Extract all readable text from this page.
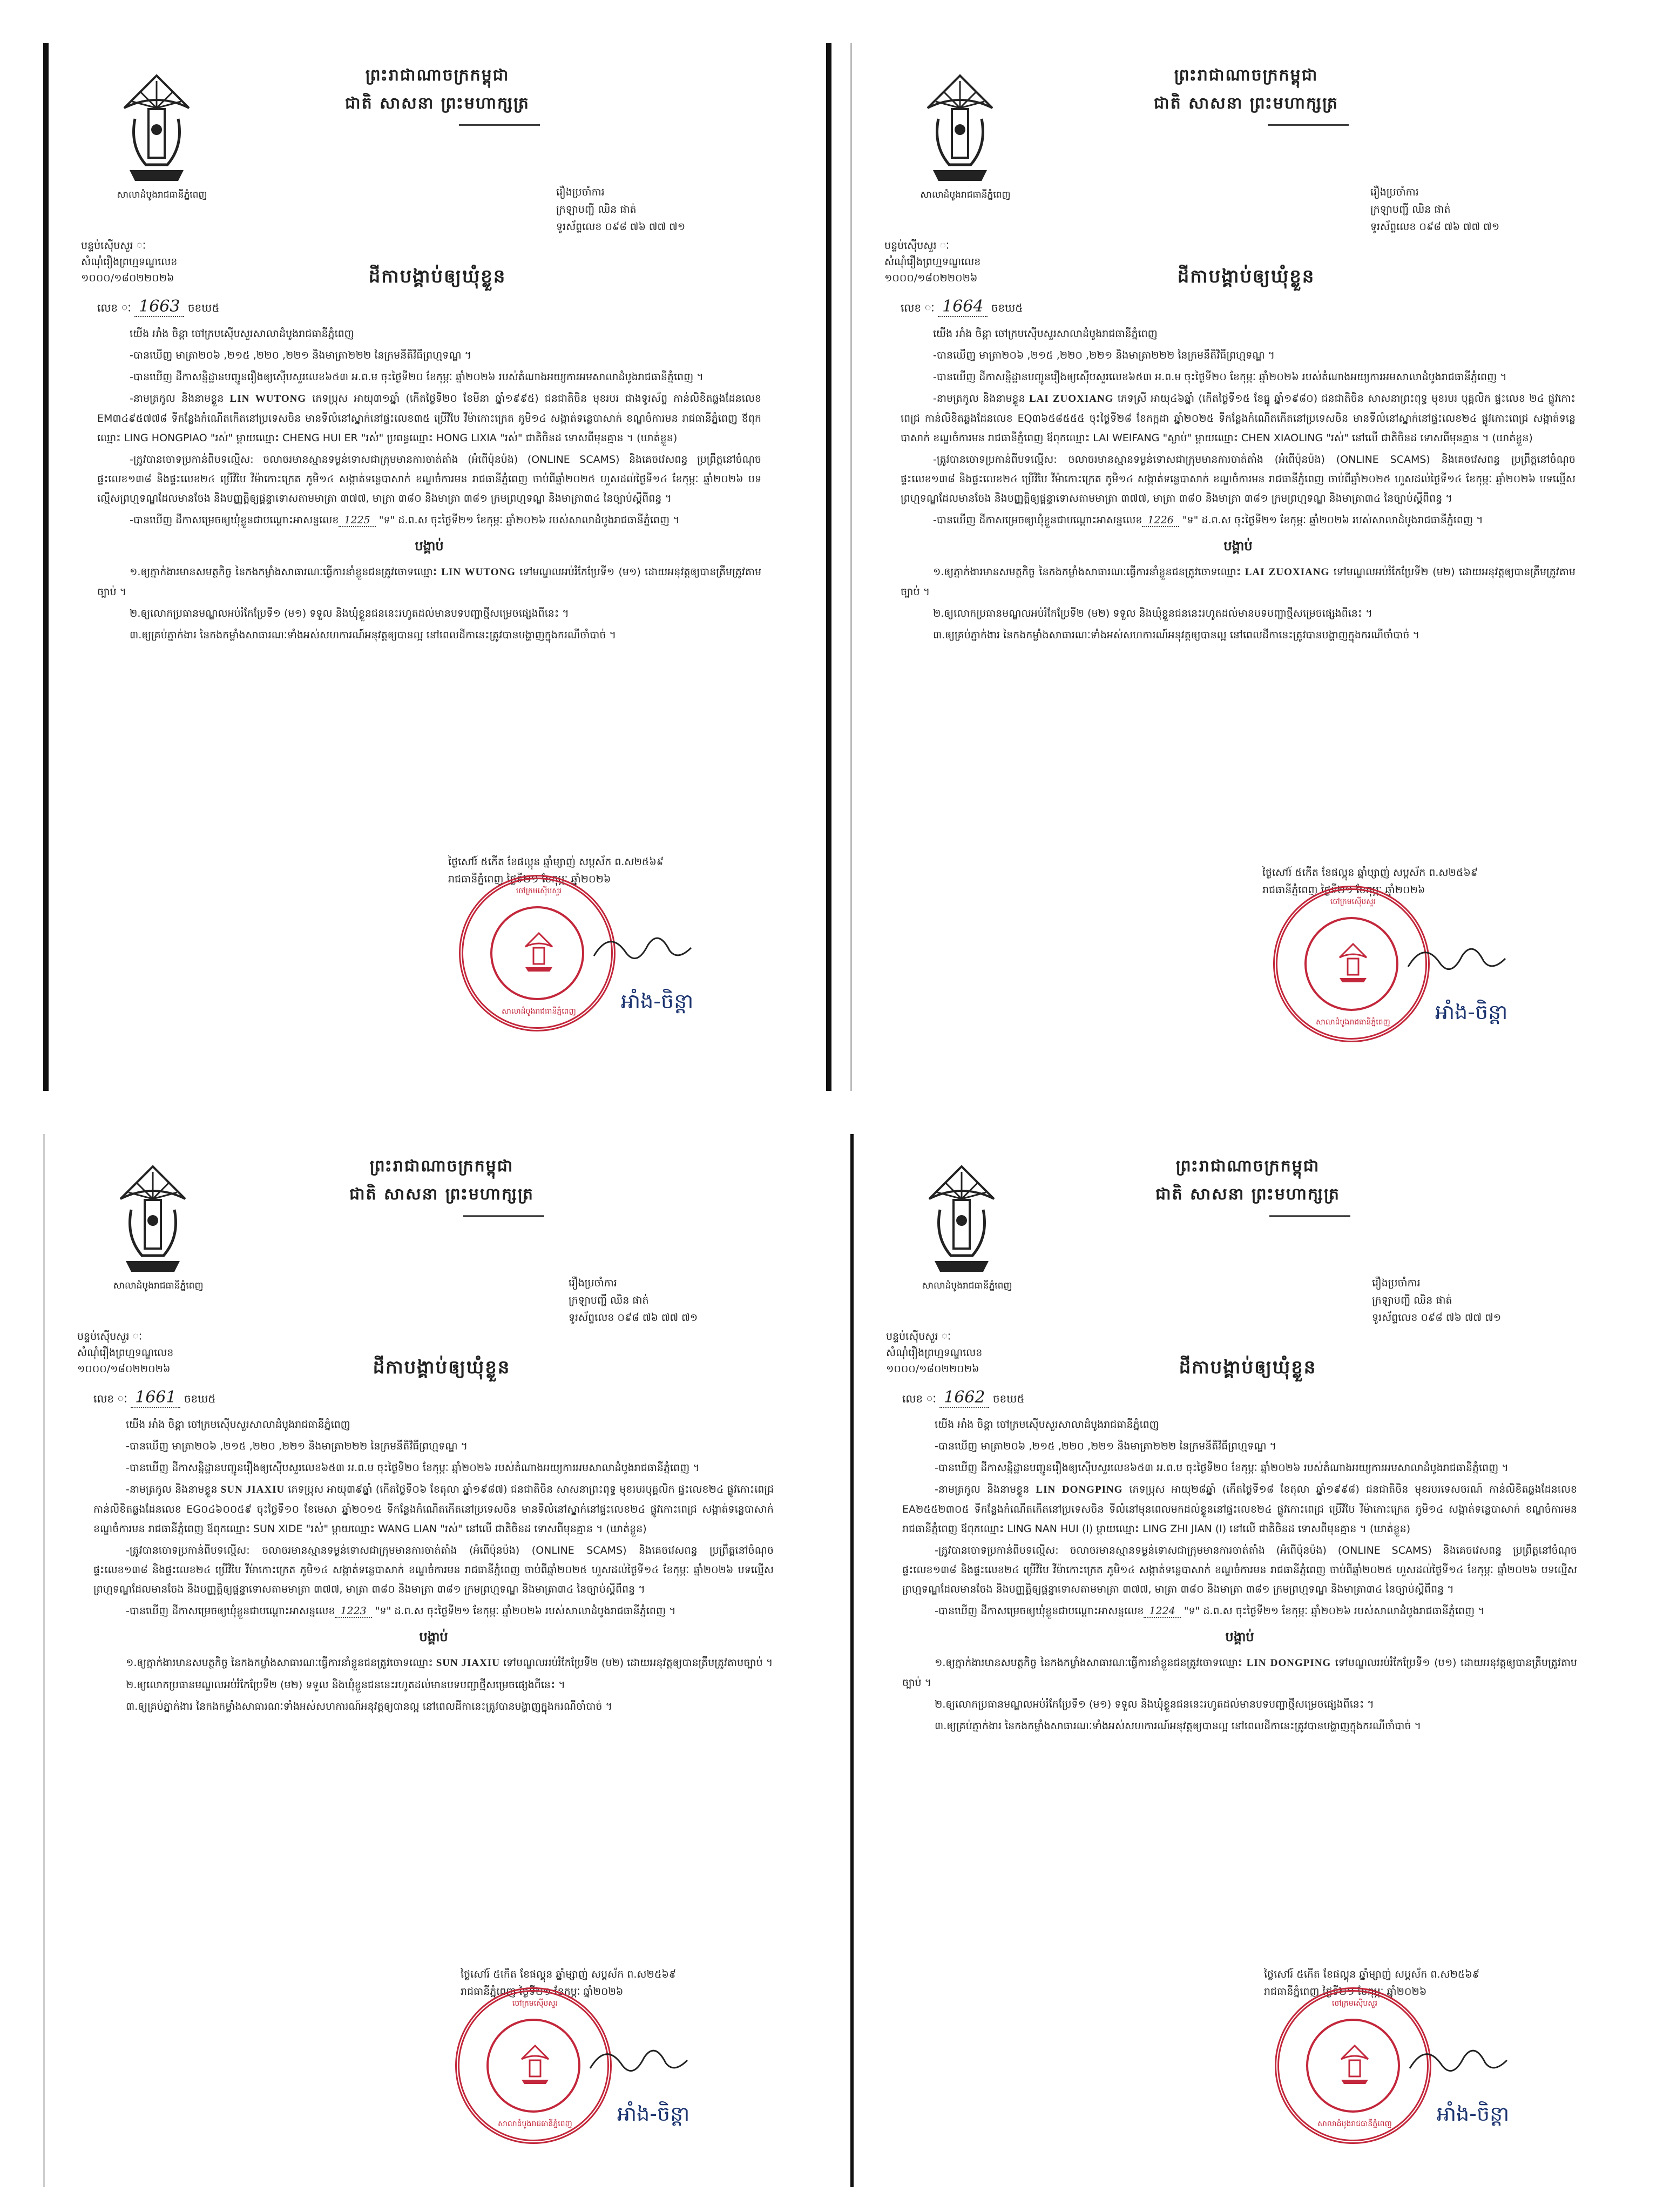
ព្រះរាជាណាចក្រកម្ពុជា
ជាតិ សាសនា ព្រះមហាក្សត្រ
សាលាដំបូងរាជធានីភ្នំពេញ
បន្ទប់ស៊ើបសួរ ៈ
សំណុំរឿងព្រហ្មទណ្ឌលេខ
១០០០/១៨០២២០២៦
លេខ ៈ 1663 ចខឃ៥
រឿងប្រចាំការ
ក្រឡាបញ្ជី ឈិន ផាត់
ទូរស័ព្ទលេខ ០៩៨ ៧៦ ៧៧ ៧១
ដីកាបង្គាប់ឲ្យឃុំខ្លួន

យើង អាំង ចិន្ដា ចៅក្រមស៊ើបសួរសាលាដំបូងរាជធានីភ្នំពេញ

-បានឃើញ មាត្រា២០៦ ,២១៥ ,២២០ ,២២១ និងមាត្រា២២២ នៃក្រមនីតិវិធីព្រហ្មទណ្ឌ ។

-បានឃើញ ដីកាសន្និដ្ឋានបញ្ជូនរឿងឲ្យស៊ើបសួរលេខ៦៥៣ អ.ព.ម ចុះថ្ងៃទី២០ ខែកុម្ភៈ ឆ្នាំ២០២៦ របស់តំណាងអយ្យការអមសាលាដំបូងរាជធានីភ្នំពេញ ។

-នាមត្រកូល និងនាមខ្លួន LIN WUTONG ភេទប្រុស អាយុ៣១ឆ្នាំ (កើតថ្ងៃទី២០ ខែមីនា ឆ្នាំ១៩៩៥) ជនជាតិចិន មុខរបរ ជាងទូរស័ព្ទ កាន់លិខិតឆ្លងដែនលេខ EM៣៤៩៥៧៧៨ ទីកន្លែងកំណើតកើតនៅប្រទេសចិន មានទីលំនៅស្នាក់នៅផ្ទះលេខ៣៥ ប្រេីវិបៃ វីម៉ាកោះក្រេត ភូមិ១៤ សង្កាត់ទន្លេបាសាក់ ខណ្ឌចំការមន រាជធានីភ្នំពេញ ឪពុកឈ្មោះ LING HONGPIAO "រស់" ម្ដាយឈ្មោះ CHENG HUI ER "រស់" ប្រពន្ធឈ្មោះ HONG LIXIA "រស់" ជាតិចិនដ ទោសពីមុនគ្មាន ។ (ឃាត់ខ្លួន)

-ត្រូវបានចោទប្រកាន់ពីបទល្មើស: ចលាចរមានស្មានទម្ងន់ទោសជាក្រុមមានការចាត់តាំង (អំពើប៉ុនប៉ង) (ONLINE SCAMS) និងគេចវេសពន្ធ ប្រព្រឹត្តនៅចំណុចផ្ទះលេខ១៣៨ និងផ្ទះលេខ២៤ ប្រេីវិបៃ វីម៉ាកោះក្រេត ភូមិ១៤ សង្កាត់ទន្លេបាសាក់ ខណ្ឌចំការមន រាជធានីភ្នំពេញ ចាប់ពីឆ្នាំ២០២៥ ហួសដល់ថ្ងៃទី១៤ ខែកុម្ភៈ ឆ្នាំ២០២៦ បទល្មើសព្រហ្មទណ្ឌដែលមានចែង និងបញ្ញត្តិឲ្យផ្ដន្ទាទោសតាមមាត្រា ៣៧៧, មាត្រា ៣៨០ និងមាត្រា ៣៨១ ក្រមព្រហ្មទណ្ឌ និងមាត្រា៣៤ នៃច្បាប់ស្ដីពីពន្ធ ។

-បានឃើញ ដីកាសម្រេចឲ្យឃុំខ្លួនជាបណ្ដោះអាសន្នលេខ 1225 "ទ" ដ.ព.ស ចុះថ្ងៃទី២១ ខែកុម្ភៈ ឆ្នាំ២០២៦ របស់សាលាដំបូងរាជធានីភ្នំពេញ ។

បង្គាប់

១.ឲ្យភ្នាក់ងារមានសមត្ថកិច្ច នៃកងកម្លាំងសាធារណៈធ្វើការនាំខ្លួនជនត្រូវចោទឈ្មោះ LIN WUTONG ទៅមណ្ឌលអប់រំកែប្រែទី១ (ម១) ដោយអនុវត្តឲ្យបានត្រឹមត្រូវតាមច្បាប់ ។

២.ឲ្យលោកប្រធានមណ្ឌលអប់រំកែប្រែទី១ (ម១) ទទួល និងឃុំខ្លួនជននេះរហូតដល់មានបទបញ្ជាថ្មីសម្រេចផ្សេងពីនេះ ។

៣.ឲ្យគ្រប់ភ្នាក់ងារ នៃកងកម្លាំងសាធារណៈទាំងអស់សហការណ៍អនុវត្តឲ្យបានល្អ នៅពេលដីកានេះត្រូវបានបង្ហាញក្នុងករណីចាំបាច់ ។

ថ្ងៃសៅរ៍ ៥កើត ខែផល្គុន ឆ្នាំម្សាញ់ សប្ដស័ក ព.ស២៥៦៩
រាជធានីភ្នំពេញ ថ្ងៃទី២១ ខែកុម្ភៈ ឆ្នាំ២០២៦
ចៅក្រមស៊ើបសួរ
សាលាដំបូងរាជធានីភ្នំពេញ	អាំង-ចិន្ដា
ព្រះរាជាណាចក្រកម្ពុជា
ជាតិ សាសនា ព្រះមហាក្សត្រ
សាលាដំបូងរាជធានីភ្នំពេញ
បន្ទប់ស៊ើបសួរ ៈ
សំណុំរឿងព្រហ្មទណ្ឌលេខ
១០០០/១៨០២២០២៦
លេខ ៈ 1664 ចខឃ៥
រឿងប្រចាំការ
ក្រឡាបញ្ជី ឈិន ផាត់
ទូរស័ព្ទលេខ ០៩៨ ៧៦ ៧៧ ៧១
ដីកាបង្គាប់ឲ្យឃុំខ្លួន

យើង អាំង ចិន្ដា ចៅក្រមស៊ើបសួរសាលាដំបូងរាជធានីភ្នំពេញ

-បានឃើញ មាត្រា២០៦ ,២១៥ ,២២០ ,២២១ និងមាត្រា២២២ នៃក្រមនីតិវិធីព្រហ្មទណ្ឌ ។

-បានឃើញ ដីកាសន្និដ្ឋានបញ្ជូនរឿងឲ្យស៊ើបសួរលេខ៦៥៣ អ.ព.ម ចុះថ្ងៃទី២០ ខែកុម្ភៈ ឆ្នាំ២០២៦ របស់តំណាងអយ្យការអមសាលាដំបូងរាជធានីភ្នំពេញ ។

-នាមត្រកូល និងនាមខ្លួន LAI ZUOXIANG ភេទស្រី អាយុ៤៦ឆ្នាំ (កើតថ្ងៃទី១៥ ខែធ្នូ ឆ្នាំ១៩៨០) ជនជាតិចិន សាសនាព្រះពុទ្ធ មុខរបរ បុគ្គលិក ផ្ទះលេខ ២៤ ផ្លូវកោះពេជ្រ កាន់លិខិតឆ្លងដែនលេខ EQ៣៦៥៨៥៥៥ ចុះថ្ងៃទី២៨ ខែកក្កដា ឆ្នាំ២០២៥ ទីកន្លែងកំណើតកើតនៅប្រទេសចិន មានទីលំនៅស្នាក់នៅផ្ទះលេខ២៤ ផ្លូវកោះពេជ្រ សង្កាត់ទន្លេបាសាក់ ខណ្ឌចំការមន រាជធានីភ្នំពេញ ឪពុកឈ្មោះ LAI WEIFANG "ស្លាប់" ម្ដាយឈ្មោះ CHEN XIAOLING "រស់" នៅលើ ជាតិចិនដ ទោសពីមុនគ្មាន ។ (ឃាត់ខ្លួន)

-ត្រូវបានចោទប្រកាន់ពីបទល្មើស: ចលាចរមានស្មានទម្ងន់ទោសជាក្រុមមានការចាត់តាំង (អំពើប៉ុនប៉ង) (ONLINE SCAMS) និងគេចវេសពន្ធ ប្រព្រឹត្តនៅចំណុចផ្ទះលេខ១៣៨ និងផ្ទះលេខ២៤ ប្រេីវិបៃ វីម៉ាកោះក្រេត ភូមិ១៤ សង្កាត់ទន្លេបាសាក់ ខណ្ឌចំការមន រាជធានីភ្នំពេញ ចាប់ពីឆ្នាំ២០២៥ ហួសដល់ថ្ងៃទី១៤ ខែកុម្ភៈ ឆ្នាំ២០២៦ បទល្មើសព្រហ្មទណ្ឌដែលមានចែង និងបញ្ញត្តិឲ្យផ្ដន្ទាទោសតាមមាត្រា ៣៧៧, មាត្រា ៣៨០ និងមាត្រា ៣៨១ ក្រមព្រហ្មទណ្ឌ និងមាត្រា៣៤ នៃច្បាប់ស្ដីពីពន្ធ ។

-បានឃើញ ដីកាសម្រេចឲ្យឃុំខ្លួនជាបណ្ដោះអាសន្នលេខ 1226 "ទ" ដ.ព.ស ចុះថ្ងៃទី២១ ខែកុម្ភៈ ឆ្នាំ២០២៦ របស់សាលាដំបូងរាជធានីភ្នំពេញ ។

បង្គាប់

១.ឲ្យភ្នាក់ងារមានសមត្ថកិច្ច នៃកងកម្លាំងសាធារណៈធ្វើការនាំខ្លួនជនត្រូវចោទឈ្មោះ LAI ZUOXIANG ទៅមណ្ឌលអប់រំកែប្រែទី២ (ម២) ដោយអនុវត្តឲ្យបានត្រឹមត្រូវតាមច្បាប់ ។

២.ឲ្យលោកប្រធានមណ្ឌលអប់រំកែប្រែទី២ (ម២) ទទួល និងឃុំខ្លួនជននេះរហូតដល់មានបទបញ្ជាថ្មីសម្រេចផ្សេងពីនេះ ។

៣.ឲ្យគ្រប់ភ្នាក់ងារ នៃកងកម្លាំងសាធារណៈទាំងអស់សហការណ៍អនុវត្តឲ្យបានល្អ នៅពេលដីកានេះត្រូវបានបង្ហាញក្នុងករណីចាំបាច់ ។

ថ្ងៃសៅរ៍ ៥កើត ខែផល្គុន ឆ្នាំម្សាញ់ សប្ដស័ក ព.ស២៥៦៩
រាជធានីភ្នំពេញ ថ្ងៃទី២១ ខែកុម្ភៈ ឆ្នាំ២០២៦
ចៅក្រមស៊ើបសួរ
សាលាដំបូងរាជធានីភ្នំពេញ	អាំង-ចិន្ដា
ព្រះរាជាណាចក្រកម្ពុជា
ជាតិ សាសនា ព្រះមហាក្សត្រ
សាលាដំបូងរាជធានីភ្នំពេញ
បន្ទប់ស៊ើបសួរ ៈ
សំណុំរឿងព្រហ្មទណ្ឌលេខ
១០០០/១៨០២២០២៦
លេខ ៈ 1661 ចខឃ៥
រឿងប្រចាំការ
ក្រឡាបញ្ជី ឈិន ផាត់
ទូរស័ព្ទលេខ ០៩៨ ៧៦ ៧៧ ៧១
ដីកាបង្គាប់ឲ្យឃុំខ្លួន

យើង អាំង ចិន្ដា ចៅក្រមស៊ើបសួរសាលាដំបូងរាជធានីភ្នំពេញ

-បានឃើញ មាត្រា២០៦ ,២១៥ ,២២០ ,២២១ និងមាត្រា២២២ នៃក្រមនីតិវិធីព្រហ្មទណ្ឌ ។

-បានឃើញ ដីកាសន្និដ្ឋានបញ្ជូនរឿងឲ្យស៊ើបសួរលេខ៦៥៣ អ.ព.ម ចុះថ្ងៃទី២០ ខែកុម្ភៈ ឆ្នាំ២០២៦ របស់តំណាងអយ្យការអមសាលាដំបូងរាជធានីភ្នំពេញ ។

-នាមត្រកូល និងនាមខ្លួន SUN JIAXIU ភេទប្រុស អាយុ៣៩ឆ្នាំ (កើតថ្ងៃទី០៦ ខែតុលា ឆ្នាំ១៩៨៧) ជនជាតិចិន សាសនាព្រះពុទ្ធ មុខរបរបុគ្គលិក ផ្ទះលេខ២៤ ផ្លូវកោះពេជ្រ កាន់លិខិតឆ្លងដែនលេខ EG០៤៦០០៥៩ ចុះថ្ងៃទី១០ ខែមេសា ឆ្នាំ២០១៥ ទីកន្លែងកំណើតកើតនៅប្រទេសចិន មានទីលំនៅស្នាក់នៅផ្ទះលេខ២៤ ផ្លូវកោះពេជ្រ សង្កាត់ទន្លេបាសាក់ ខណ្ឌចំការមន រាជធានីភ្នំពេញ ឪពុកឈ្មោះ SUN XIDE "រស់" ម្ដាយឈ្មោះ WANG LIAN "រស់" នៅលើ ជាតិចិនដ ទោសពីមុនគ្មាន ។ (ឃាត់ខ្លួន)

-ត្រូវបានចោទប្រកាន់ពីបទល្មើស: ចលាចរមានស្មានទម្ងន់ទោសជាក្រុមមានការចាត់តាំង (អំពើប៉ុនប៉ង) (ONLINE SCAMS) និងគេចវេសពន្ធ ប្រព្រឹត្តនៅចំណុចផ្ទះលេខ១៣៨ និងផ្ទះលេខ២៤ ប្រេីវិបៃ វីម៉ាកោះក្រេត ភូមិ១៤ សង្កាត់ទន្លេបាសាក់ ខណ្ឌចំការមន រាជធានីភ្នំពេញ ចាប់ពីឆ្នាំ២០២៥ ហួសដល់ថ្ងៃទី១៤ ខែកុម្ភៈ ឆ្នាំ២០២៦ បទល្មើសព្រហ្មទណ្ឌដែលមានចែង និងបញ្ញត្តិឲ្យផ្ដន្ទាទោសតាមមាត្រា ៣៧៧, មាត្រា ៣៨០ និងមាត្រា ៣៨១ ក្រមព្រហ្មទណ្ឌ និងមាត្រា៣៤ នៃច្បាប់ស្ដីពីពន្ធ ។

-បានឃើញ ដីកាសម្រេចឲ្យឃុំខ្លួនជាបណ្ដោះអាសន្នលេខ 1223 "ទ" ដ.ព.ស ចុះថ្ងៃទី២១ ខែកុម្ភៈ ឆ្នាំ២០២៦ របស់សាលាដំបូងរាជធានីភ្នំពេញ ។

បង្គាប់

១.ឲ្យភ្នាក់ងារមានសមត្ថកិច្ច នៃកងកម្លាំងសាធារណៈធ្វើការនាំខ្លួនជនត្រូវចោទឈ្មោះ SUN JIAXIU ទៅមណ្ឌលអប់រំកែប្រែទី២ (ម២) ដោយអនុវត្តឲ្យបានត្រឹមត្រូវតាមច្បាប់ ។

២.ឲ្យលោកប្រធានមណ្ឌលអប់រំកែប្រែទី២ (ម២) ទទួល និងឃុំខ្លួនជននេះរហូតដល់មានបទបញ្ជាថ្មីសម្រេចផ្សេងពីនេះ ។

៣.ឲ្យគ្រប់ភ្នាក់ងារ នៃកងកម្លាំងសាធារណៈទាំងអស់សហការណ៍អនុវត្តឲ្យបានល្អ នៅពេលដីកានេះត្រូវបានបង្ហាញក្នុងករណីចាំបាច់ ។

ថ្ងៃសៅរ៍ ៥កើត ខែផល្គុន ឆ្នាំម្សាញ់ សប្ដស័ក ព.ស២៥៦៩
រាជធានីភ្នំពេញ ថ្ងៃទី២១ ខែកុម្ភៈ ឆ្នាំ២០២៦
ចៅក្រមស៊ើបសួរ
សាលាដំបូងរាជធានីភ្នំពេញ	អាំង-ចិន្ដា
ព្រះរាជាណាចក្រកម្ពុជា
ជាតិ សាសនា ព្រះមហាក្សត្រ
សាលាដំបូងរាជធានីភ្នំពេញ
បន្ទប់ស៊ើបសួរ ៈ
សំណុំរឿងព្រហ្មទណ្ឌលេខ
១០០០/១៨០២២០២៦
លេខ ៈ 1662 ចខឃ៥
រឿងប្រចាំការ
ក្រឡាបញ្ជី ឈិន ផាត់
ទូរស័ព្ទលេខ ០៩៨ ៧៦ ៧៧ ៧១
ដីកាបង្គាប់ឲ្យឃុំខ្លួន

យើង អាំង ចិន្ដា ចៅក្រមស៊ើបសួរសាលាដំបូងរាជធានីភ្នំពេញ

-បានឃើញ មាត្រា២០៦ ,២១៥ ,២២០ ,២២១ និងមាត្រា២២២ នៃក្រមនីតិវិធីព្រហ្មទណ្ឌ ។

-បានឃើញ ដីកាសន្និដ្ឋានបញ្ជូនរឿងឲ្យស៊ើបសួរលេខ៦៥៣ អ.ព.ម ចុះថ្ងៃទី២០ ខែកុម្ភៈ ឆ្នាំ២០២៦ របស់តំណាងអយ្យការអមសាលាដំបូងរាជធានីភ្នំពេញ ។

-នាមត្រកូល និងនាមខ្លួន LIN DONGPING ភេទប្រុស អាយុ២៨ឆ្នាំ (កើតថ្ងៃទី១៨ ខែតុលា ឆ្នាំ១៩៩៨) ជនជាតិចិន មុខរបរទេសចរណ៍ កាន់លិខិតឆ្លងដែនលេខ EA២៥៥២៣០៥ ទីកន្លែងកំណើតកើតនៅប្រទេសចិន ទីលំនៅមុនពេលមកដល់ខ្លួននៅផ្ទះលេខ២៤ ផ្លូវកោះពេជ្រ ប្រេីវិបៃ វីម៉ាកោះក្រេត ភូមិ១៤ សង្កាត់ទន្លេបាសាក់ ខណ្ឌចំការមន រាជធានីភ្នំពេញ ឪពុកឈ្មោះ LING NAN HUI (I) ម្ដាយឈ្មោះ LING ZHI JIAN (I) នៅលើ ជាតិចិនដ ទោសពីមុនគ្មាន ។ (ឃាត់ខ្លួន)

-ត្រូវបានចោទប្រកាន់ពីបទល្មើស: ចលាចរមានស្មានទម្ងន់ទោសជាក្រុមមានការចាត់តាំង (អំពើប៉ុនប៉ង) (ONLINE SCAMS) និងគេចវេសពន្ធ ប្រព្រឹត្តនៅចំណុចផ្ទះលេខ១៣៨ និងផ្ទះលេខ២៤ ប្រេីវិបៃ វីម៉ាកោះក្រេត ភូមិ១៤ សង្កាត់ទន្លេបាសាក់ ខណ្ឌចំការមន រាជធានីភ្នំពេញ ចាប់ពីឆ្នាំ២០២៥ ហួសដល់ថ្ងៃទី១៤ ខែកុម្ភៈ ឆ្នាំ២០២៦ បទល្មើសព្រហ្មទណ្ឌដែលមានចែង និងបញ្ញត្តិឲ្យផ្ដន្ទាទោសតាមមាត្រា ៣៧៧, មាត្រា ៣៨០ និងមាត្រា ៣៨១ ក្រមព្រហ្មទណ្ឌ និងមាត្រា៣៤ នៃច្បាប់ស្ដីពីពន្ធ ។

-បានឃើញ ដីកាសម្រេចឲ្យឃុំខ្លួនជាបណ្ដោះអាសន្នលេខ 1224 "ទ" ដ.ព.ស ចុះថ្ងៃទី២១ ខែកុម្ភៈ ឆ្នាំ២០២៦ របស់សាលាដំបូងរាជធានីភ្នំពេញ ។

បង្គាប់

១.ឲ្យភ្នាក់ងារមានសមត្ថកិច្ច នៃកងកម្លាំងសាធារណៈធ្វើការនាំខ្លួនជនត្រូវចោទឈ្មោះ LIN DONGPING ទៅមណ្ឌលអប់រំកែប្រែទី១ (ម១) ដោយអនុវត្តឲ្យបានត្រឹមត្រូវតាមច្បាប់ ។

២.ឲ្យលោកប្រធានមណ្ឌលអប់រំកែប្រែទី១ (ម១) ទទួល និងឃុំខ្លួនជននេះរហូតដល់មានបទបញ្ជាថ្មីសម្រេចផ្សេងពីនេះ ។

៣.ឲ្យគ្រប់ភ្នាក់ងារ នៃកងកម្លាំងសាធារណៈទាំងអស់សហការណ៍អនុវត្តឲ្យបានល្អ នៅពេលដីកានេះត្រូវបានបង្ហាញក្នុងករណីចាំបាច់ ។

ថ្ងៃសៅរ៍ ៥កើត ខែផល្គុន ឆ្នាំម្សាញ់ សប្ដស័ក ព.ស២៥៦៩
រាជធានីភ្នំពេញ ថ្ងៃទី២១ ខែកុម្ភៈ ឆ្នាំ២០២៦
ចៅក្រមស៊ើបសួរ
សាលាដំបូងរាជធានីភ្នំពេញ	អាំង-ចិន្ដា
